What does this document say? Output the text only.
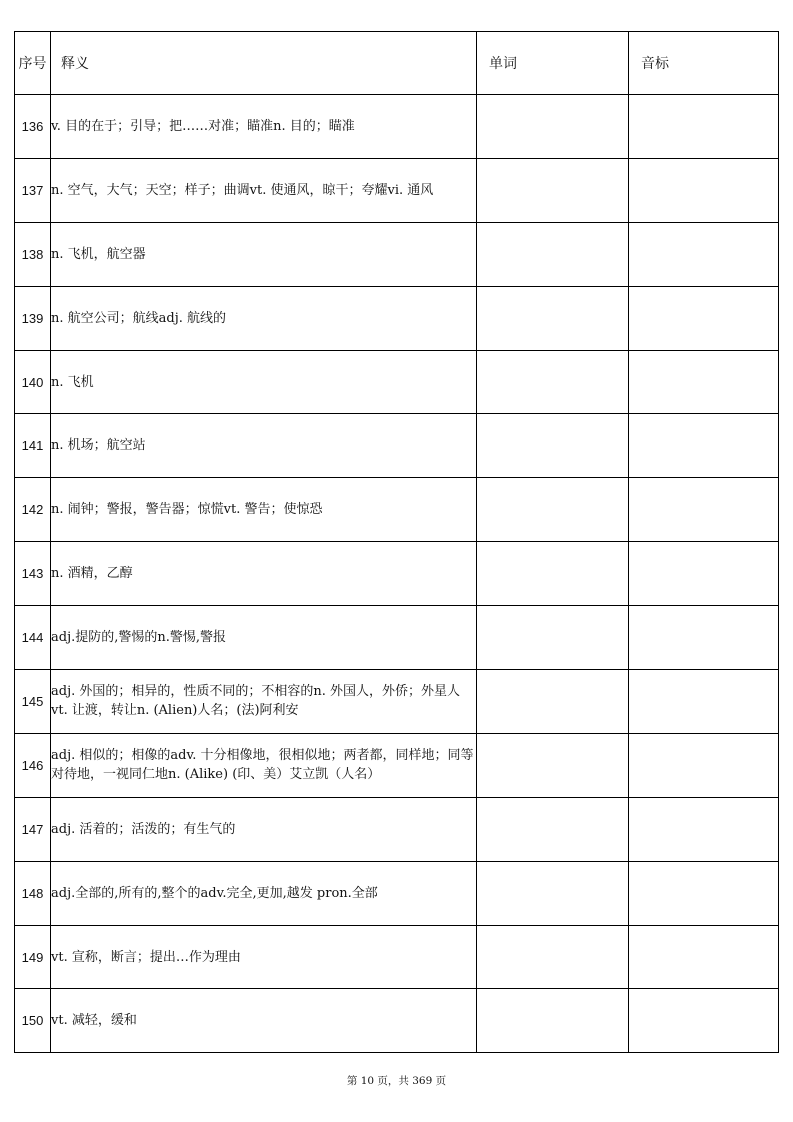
序号	释义	单词	音标
136	v. 目的在于；引导；把……对准；瞄准n. 目的；瞄准		
137	n. 空气，大气；天空；样子；曲调vt. 使通风，晾干；夸耀vi. 通风		
138	n. 飞机，航空器		
139	n. 航空公司；航线adj. 航线的		
140	n. 飞机		
141	n. 机场；航空站		
142	n. 闹钟；警报，警告器；惊慌vt. 警告；使惊恐		
143	n. 酒精，乙醇		
144	adj.提防的,警惕的n.警惕,警报		
145	adj. 外国的；相异的，性质不同的；不相容的n. 外国人，外侨；外星人vt. 让渡，转让n. (Alien)人名；(法)阿利安		
146	adj. 相似的；相像的adv. 十分相像地，很相似地；两者都，同样地；同等对待地，一视同仁地n. (Alike) (印、美）艾立凯（人名）		
147	adj. 活着的；活泼的；有生气的		
148	adj.全部的,所有的,整个的adv.完全,更加,越发 pron.全部		
149	vt. 宣称，断言；提出…作为理由		
150	vt. 减轻，缓和		
第 10 页，共 369 页
